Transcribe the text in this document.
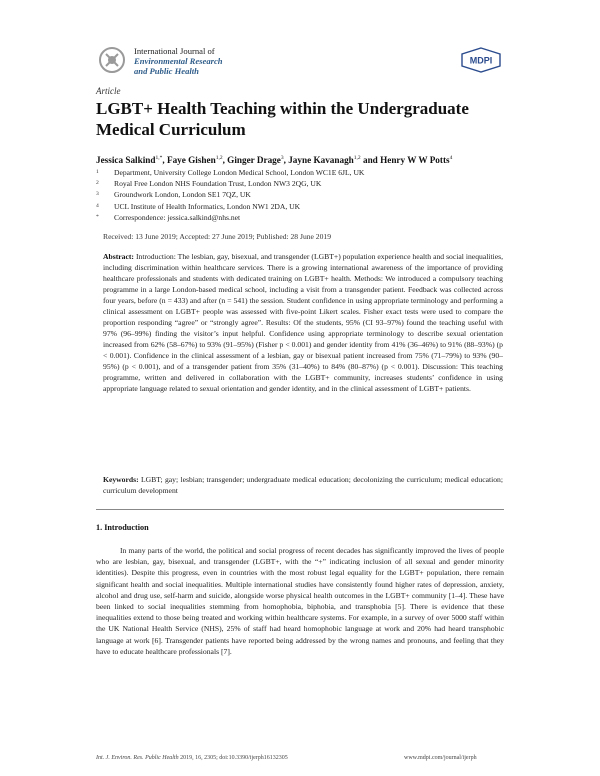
International Journal of
Environmental Research
and Public Health
MDPI
Article
LGBT+ Health Teaching within the Undergraduate Medical Curriculum
Jessica Salkind$^{1,*}$, Faye Gishen$^{1,2}$, Ginger Drage$^3$, Jayne Kavanagh$^{1,2}$ and Henry W W Potts$^4$
1	Department, University College London Medical School, London WC1E 6JL, UK
2	Royal Free London NHS Foundation Trust, London NW3 2QG, UK
3	Groundwork London, London SE1 7QZ, UK
4	UCL Institute of Health Informatics, London NW1 2DA, UK
*	Correspondence: jessica.salkind@nhs.net
Received: 13 June 2019; Accepted: 27 June 2019; Published: 28 June 2019
Abstract: Introduction: The lesbian, gay, bisexual, and transgender (LGBT+) population experience health and social inequalities, including discrimination within healthcare services. There is a growing international awareness of the importance of providing healthcare professionals and students with dedicated training on LGBT+ health. Methods: We introduced a compulsory teaching programme in a large London-based medical school, including a visit from a transgender patient. Feedback was collected across four years, before (n = 433) and after (n = 541) the session. Student confidence in using appropriate terminology and performing a clinical assessment on LGBT+ people was assessed with five-point Likert scales. Fisher exact tests were used to compare the proportion responding “agree” or “strongly agree”. Results: Of the students, 95% (CI 93–97%) found the teaching useful with 97% (96–99%) finding the visitor’s input helpful. Confidence using appropriate terminology to describe sexual orientation increased from 62% (58–67%) to 93% (91–95%) (Fisher p < 0.001) and gender identity from 41% (36–46%) to 91% (88–93%) (p < 0.001). Confidence in the clinical assessment of a lesbian, gay or bisexual patient increased from 75% (71–79%) to 93% (90–95%) (p < 0.001), and of a transgender patient from 35% (31–40%) to 84% (80–87%) (p < 0.001). Discussion: This teaching programme, written and delivered in collaboration with the LGBT+ community, increases students’ confidence in using appropriate language related to sexual orientation and gender identity, and in the clinical assessment of LGBT+ patients.
Keywords: LGBT; gay; lesbian; transgender; undergraduate medical education; decolonizing the curriculum; medical education; curriculum development
1. Introduction
In many parts of the world, the political and social progress of recent decades has significantly improved the lives of people who are lesbian, gay, bisexual, and transgender (LGBT+, with the “+” indicating inclusion of all sexual and gender minority identities). Despite this progress, even in countries with the most robust legal equality for the LGBT+ population, there remain significant health and social inequalities. Multiple international studies have consistently found higher rates of depression, anxiety, alcohol and drug use, self-harm and suicide, alongside worse physical health outcomes in the LGBT+ community [1–4]. These have been linked to social inequalities stemming from homophobia, biphobia, and transphobia [5]. There is evidence that these inequalities extend to those being treated and working within healthcare systems. For example, in a survey of over 5000 staff within the UK National Health Service (NHS), 25% of staff had heard homophobic language at work and 20% had heard transphobic language at work [6]. Transgender patients have reported being addressed by the wrong names and pronouns, and feeling that they have to educate healthcare professionals [7].
Int. J. Environ. Res. Public Health 2019, 16, 2305; doi:10.3390/ijerph16132305	www.mdpi.com/journal/ijerph
